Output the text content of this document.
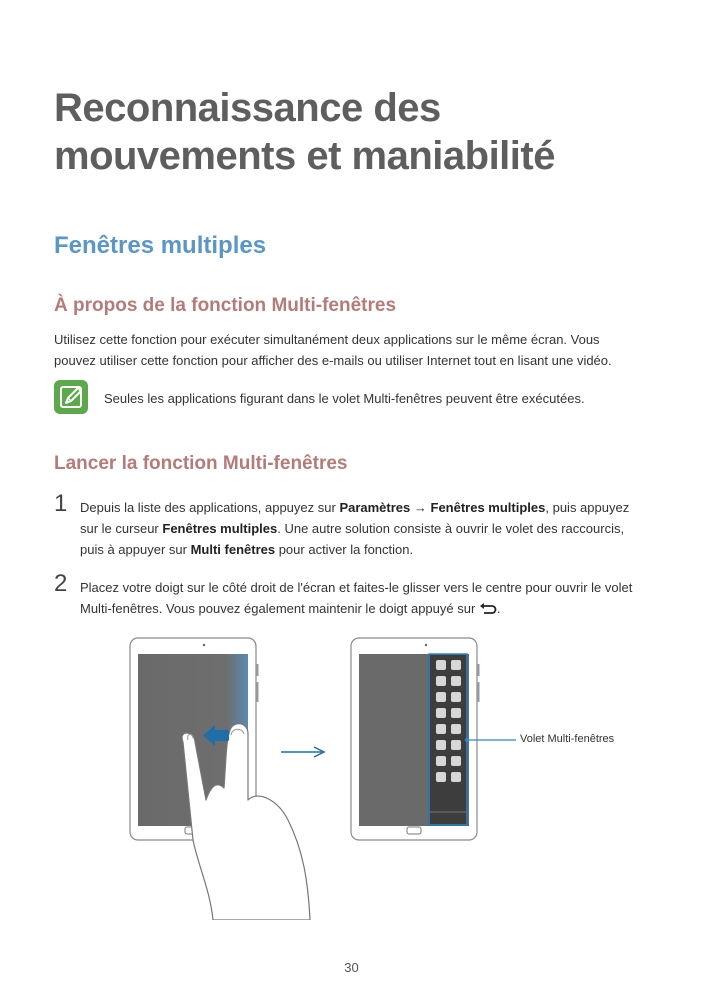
Reconnaissance des
mouvements et maniabilité
Fenêtres multiples
À propos de la fonction Multi-fenêtres
Utilisez cette fonction pour exécuter simultanément deux applications sur le même écran. Vous
pouvez utiliser cette fonction pour afficher des e-mails ou utiliser Internet tout en lisant une vidéo.
Seules les applications figurant dans le volet Multi-fenêtres peuvent être exécutées.
Lancer la fonction Multi-fenêtres
1 Depuis la liste des applications, appuyez sur Paramètres → Fenêtres multiples, puis appuyez
sur le curseur Fenêtres multiples. Une autre solution consiste à ouvrir le volet des raccourcis,
puis à appuyer sur Multi fenêtres pour activer la fonction.
2 Placez votre doigt sur le côté droit de l'écran et faites-le glisser vers le centre pour ouvrir le volet
Multi-fenêtres. Vous pouvez également maintenir le doigt appuyé sur .
Volet Multi-fenêtres
30
